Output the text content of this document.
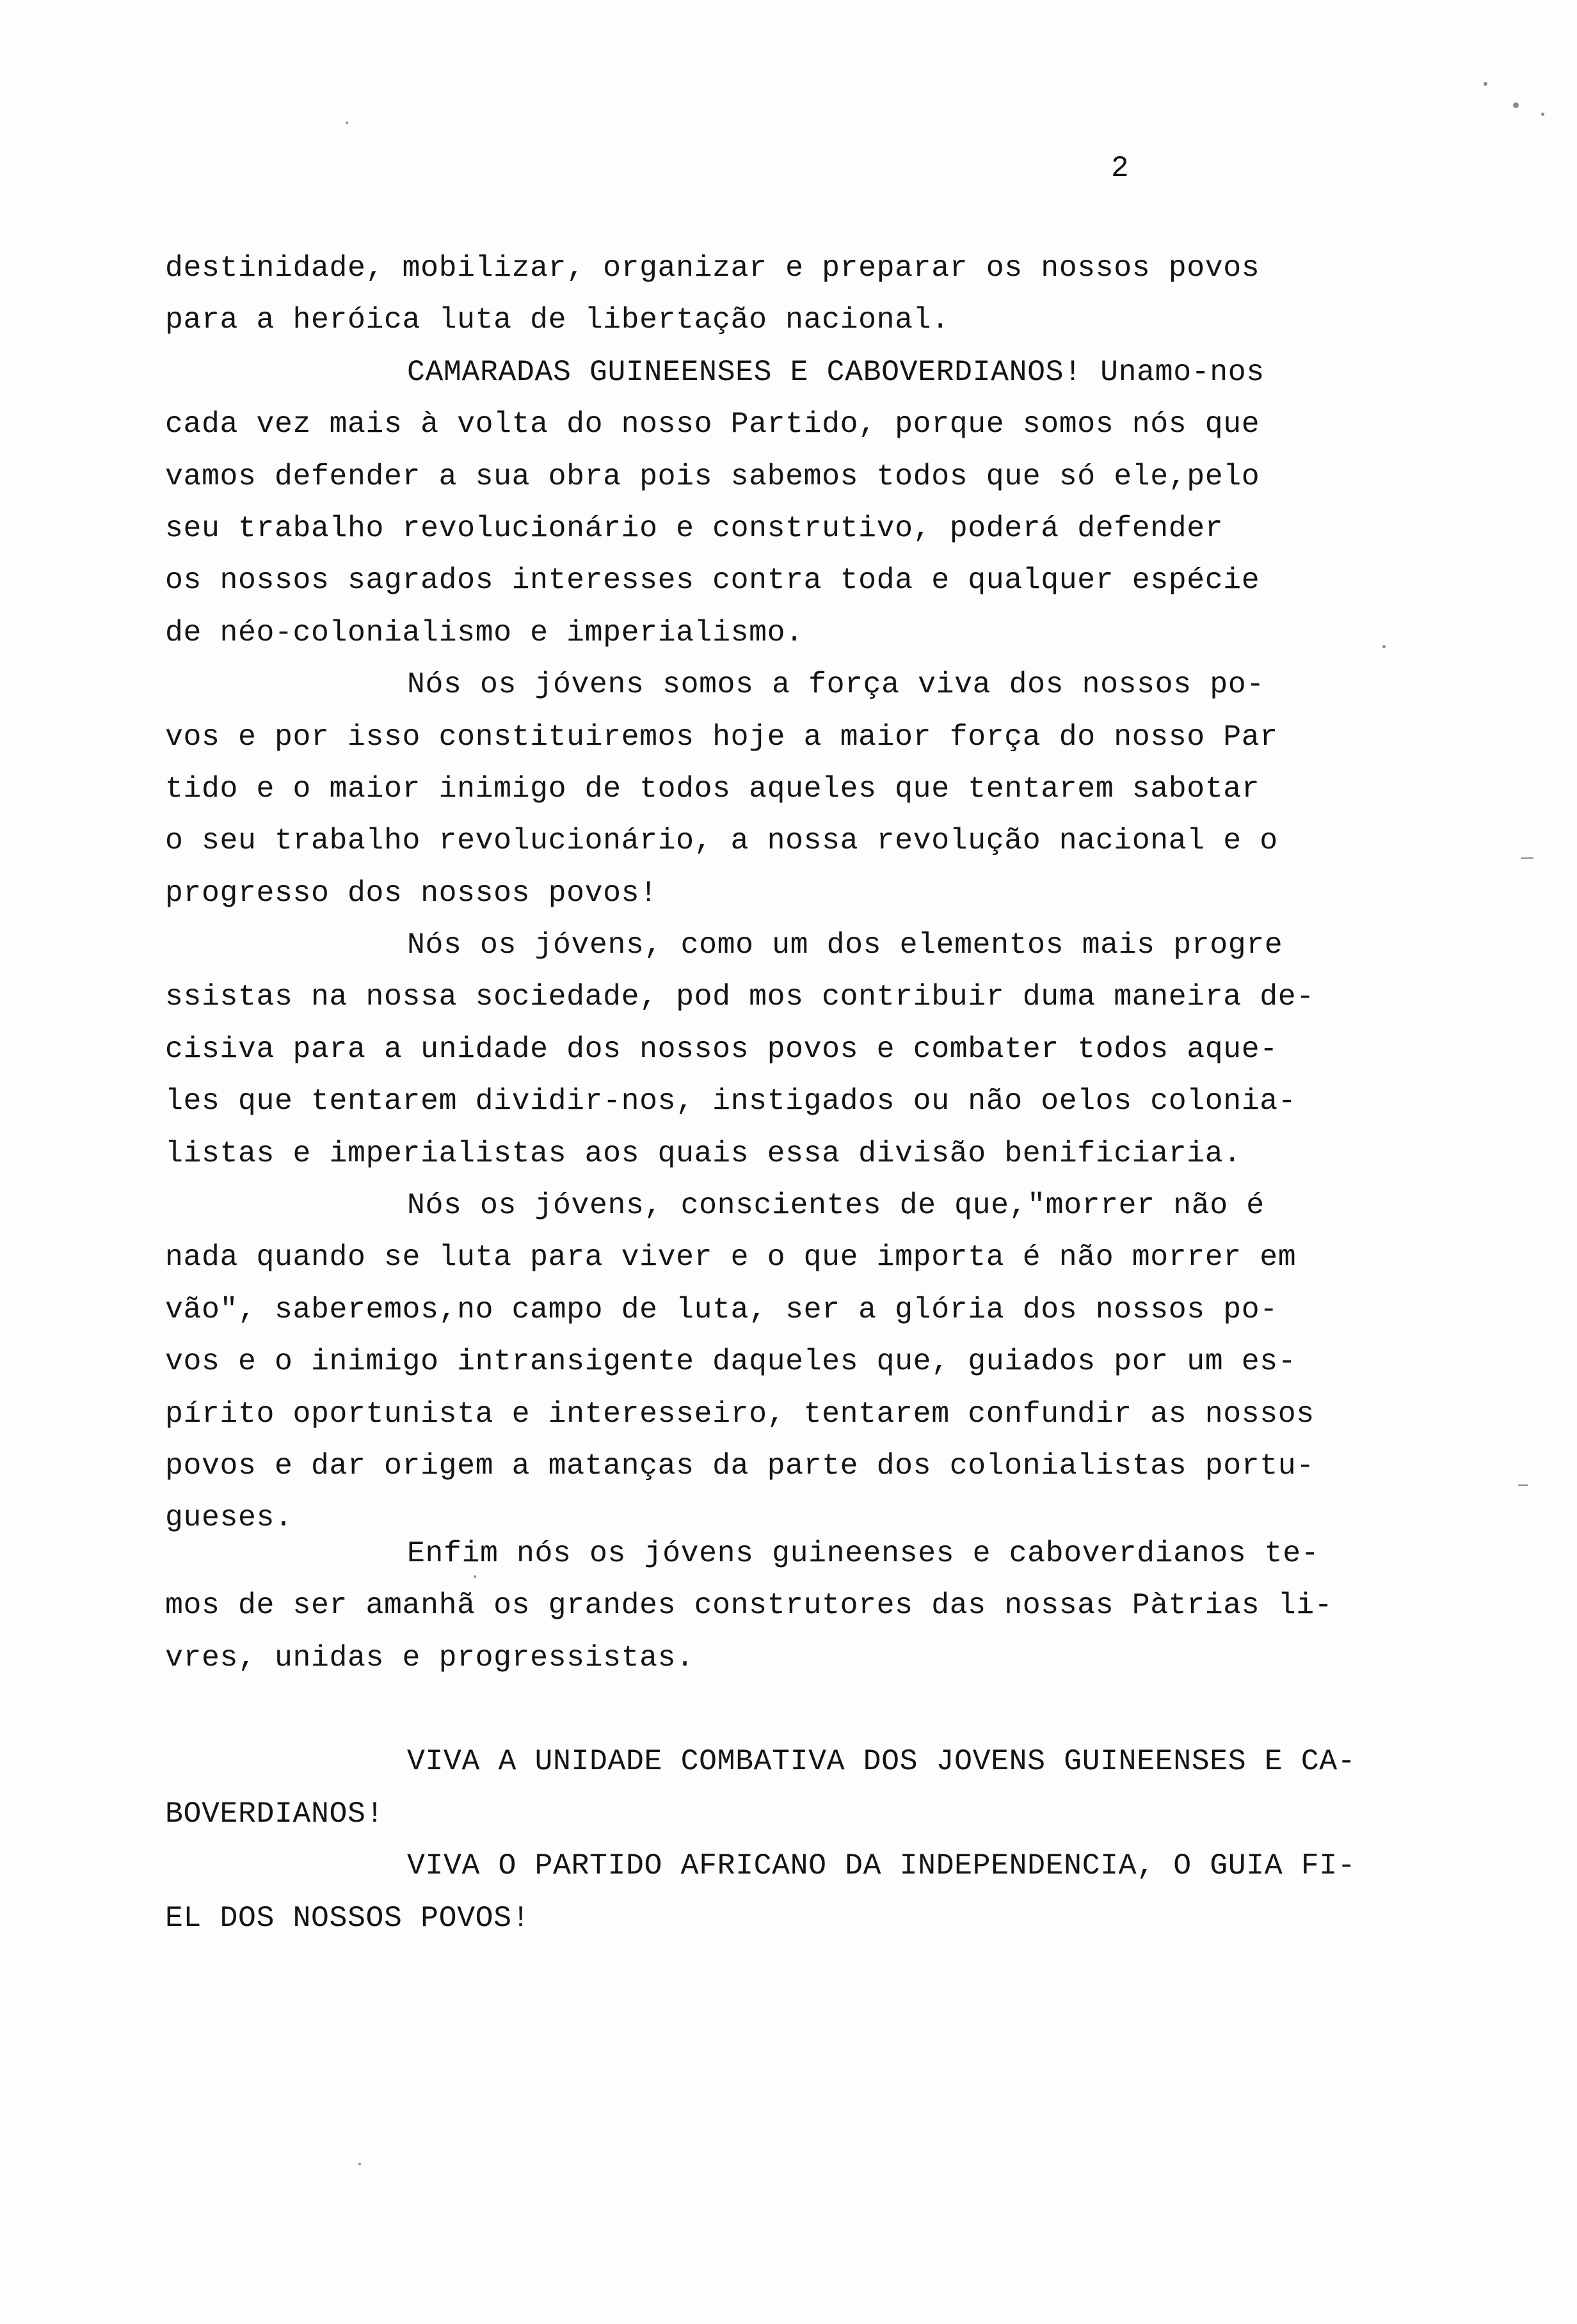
2
destinidade, mobilizar, organizar e preparar os nossos povos
para a heróica luta de libertação nacional.
CAMARADAS GUINEENSES E CABOVERDIANOS! Unamo-nos
cada vez mais à volta do nosso Partido, porque somos nós que
vamos defender a sua obra pois sabemos todos que só ele,pelo
seu trabalho revolucionário e construtivo, poderá defender
os nossos sagrados interesses contra toda e qualquer espécie
de néo-colonialismo e imperialismo.
Nós os jóvens somos a força viva dos nossos po-
vos e por isso constituiremos hoje a maior força do nosso Par
tido e o maior inimigo de todos aqueles que tentarem sabotar
o seu trabalho revolucionário, a nossa revolução nacional e o
progresso dos nossos povos!
Nós os jóvens, como um dos elementos mais progre
ssistas na nossa sociedade, pod mos contribuir duma maneira de-
cisiva para a unidade dos nossos povos e combater todos aque-
les que tentarem dividir-nos, instigados ou não oelos colonia-
listas e imperialistas aos quais essa divisão benificiaria.
Nós os jóvens, conscientes de que,"morrer não é
nada quando se luta para viver e o que importa é não morrer em
vão", saberemos,no campo de luta, ser a glória dos nossos po-
vos e o inimigo intransigente daqueles que, guiados por um es-
pírito oportunista e interesseiro, tentarem confundir as nossos
povos e dar origem a matanças da parte dos colonialistas portu-
gueses.
Enfim nós os jóvens guineenses e caboverdianos te-
mos de ser amanhã os grandes construtores das nossas Pàtrias li-
vres, unidas e progressistas.
VIVA A UNIDADE COMBATIVA DOS JOVENS GUINEENSES E CA-
BOVERDIANOS!
VIVA O PARTIDO AFRICANO DA INDEPENDENCIA, O GUIA FI-
EL DOS NOSSOS POVOS!
